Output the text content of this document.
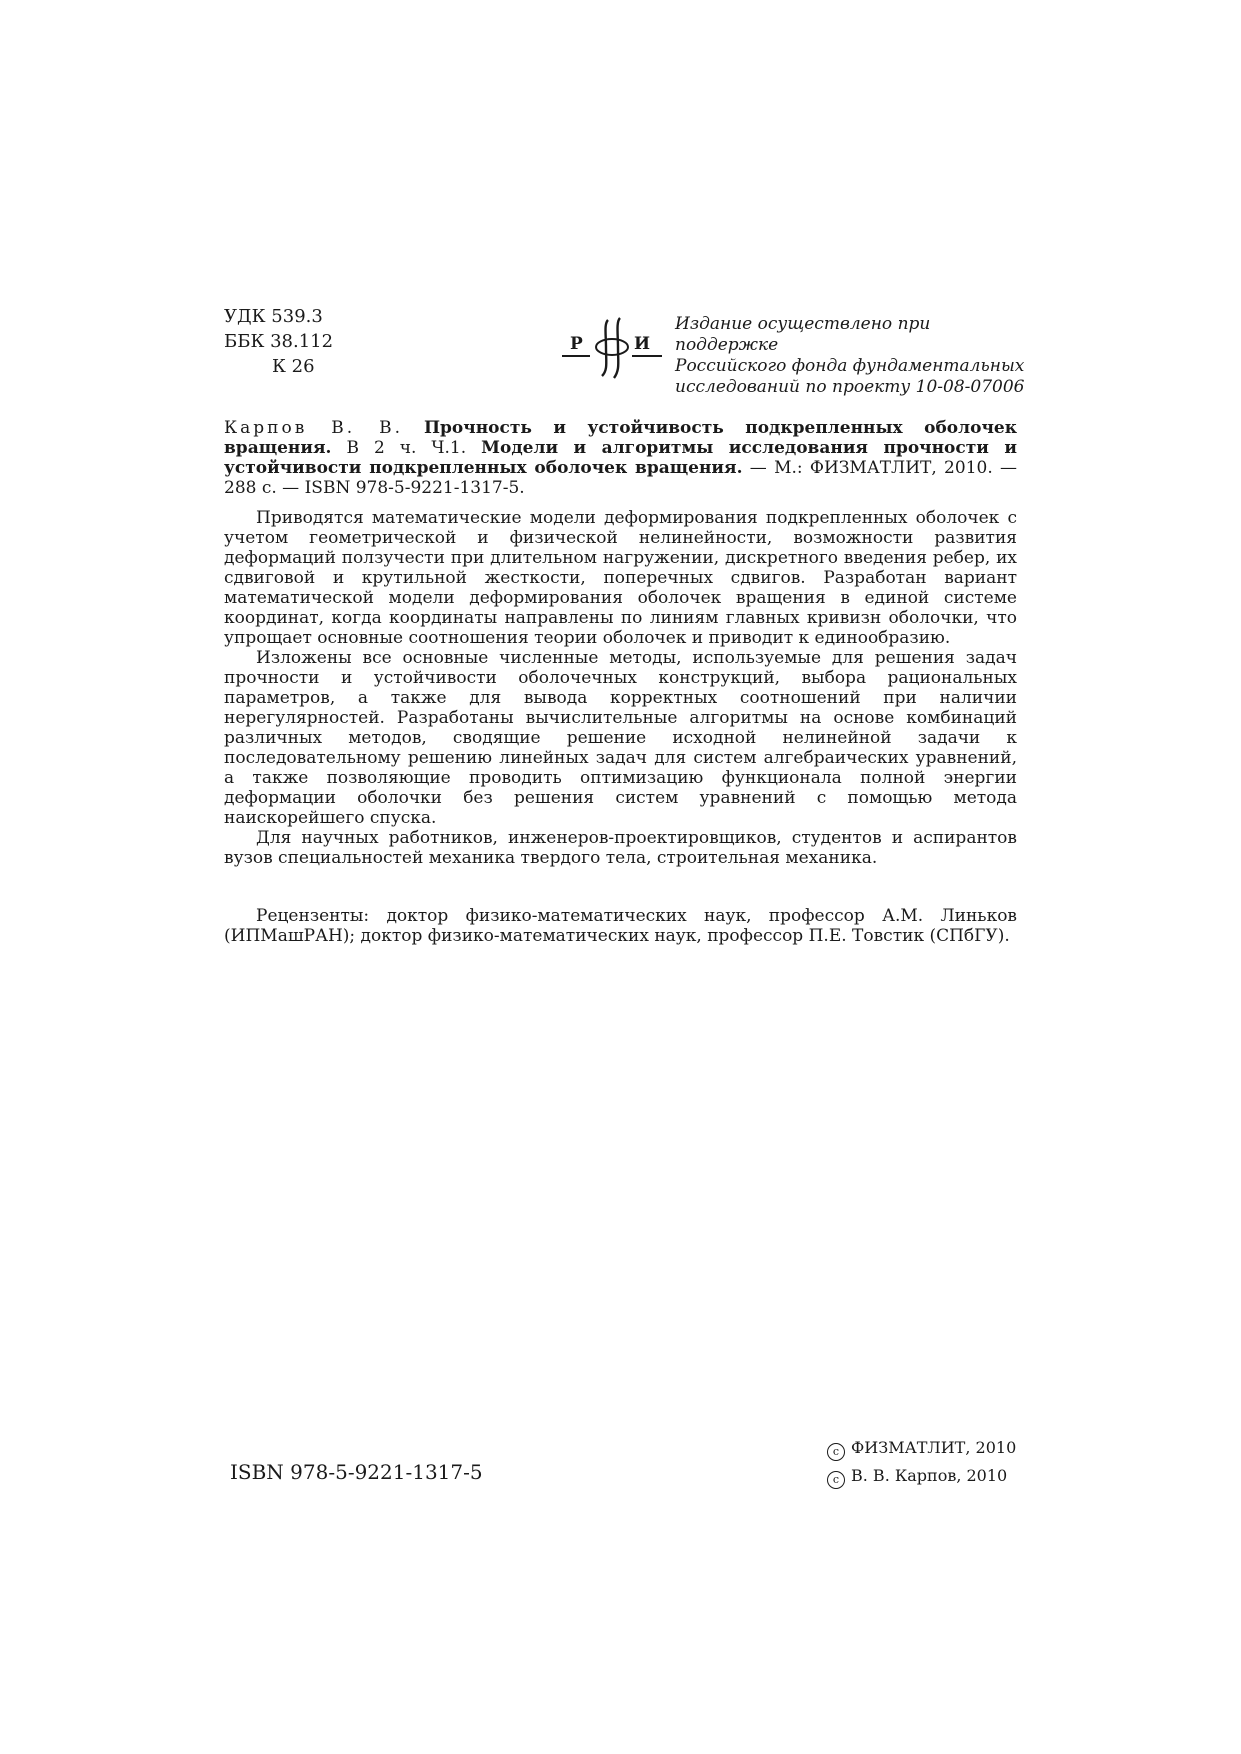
УДК 539.3
ББК 38.112
К 26
Р	И
Издание осуществлено при поддержке
Российского фонда фундаментальных
исследований по проекту 10-08-07006
Карпов В. В. Прочность и устойчивость подкрепленных оболочек вращения. В 2 ч. Ч.1. Модели и алгоритмы исследования прочности и устойчивости подкрепленных оболочек вращения. — М.: ФИЗМАТЛИТ, 2010. — 288 с. — ISBN 978-5-9221-1317-5.

Приводятся математические модели деформирования подкрепленных оболочек с учетом геометрической и физической нелинейности, возможности развития деформаций ползучести при длительном нагружении, дискретного введения ребер, их сдвиговой и крутильной жесткости, поперечных сдвигов. Разработан вариант математической модели деформирования оболочек вращения в единой системе координат, когда координаты направлены по линиям главных кривизн оболочки, что упрощает основные соотношения теории оболочек и приводит к единообразию.

Изложены все основные численные методы, используемые для решения задач прочности и устойчивости оболочечных конструкций, выбора рациональных параметров, а также для вывода корректных соотношений при наличии нерегулярностей. Разработаны вычислительные алгоритмы на основе комбинаций различных методов, сводящие решение исходной нелинейной задачи к последовательному решению линейных задач для систем алгебраических уравнений, а также позволяющие проводить оптимизацию функционала полной энергии деформации оболочки без решения систем уравнений с помощью метода наискорейшего спуска.

Для научных работников, инженеров-проектировщиков, студентов и аспирантов вузов специальностей механика твердого тела, строительная механика.

Рецензенты: доктор физико-математических наук, профессор А.М. Линьков (ИПМашРАН); доктор физико-математических наук, профессор П.Е. Товстик (СПбГУ).
ISBN 978-5-9221-1317-5
c ФИЗМАТЛИТ, 2010
c В. В. Карпов, 2010
